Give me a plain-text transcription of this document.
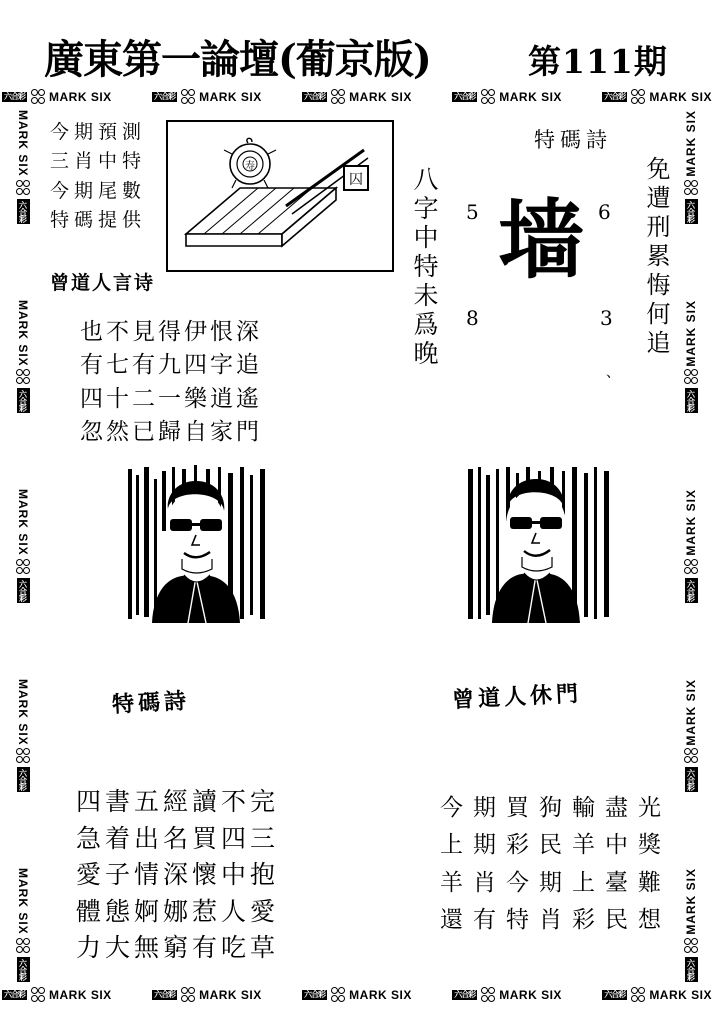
廣東第一論壇(葡京版)	第111期
六合彩 MARK SIX	六合彩 MARK SIX	六合彩 MARK SIX	六合彩 MARK SIX	六合彩 MARK SIX
六合彩 MARK SIX	六合彩 MARK SIX	六合彩 MARK SIX	六合彩 MARK SIX	六合彩 MARK SIX
MARK SIX
六合彩
MARK SIX
六合彩
MARK SIX
六合彩
MARK SIX
六合彩
MARK SIX
六合彩
MARK SIX
六合彩
MARK SIX
六合彩
MARK SIX
六合彩
MARK SIX
六合彩
MARK SIX
六合彩
今期預測
三肖中特
今期尾數
特碼提供
囚
寿
曾道人言诗
也不見得伊恨深
有七有九四字追
四十二一樂逍遙
忽然已歸自家門
八字中特未爲晚 墙
5	6
8	3
、
特碼詩
免遭刑累悔何追
特碼詩	曾道人休門
四書五經讀不完
急着出名買四三
愛子情深懷中抱
體態婀娜惹人愛
力大無窮有吃草
今期買狗輸盡光
上期彩民羊中獎
羊肖今期上臺難
還有特肖彩民想
